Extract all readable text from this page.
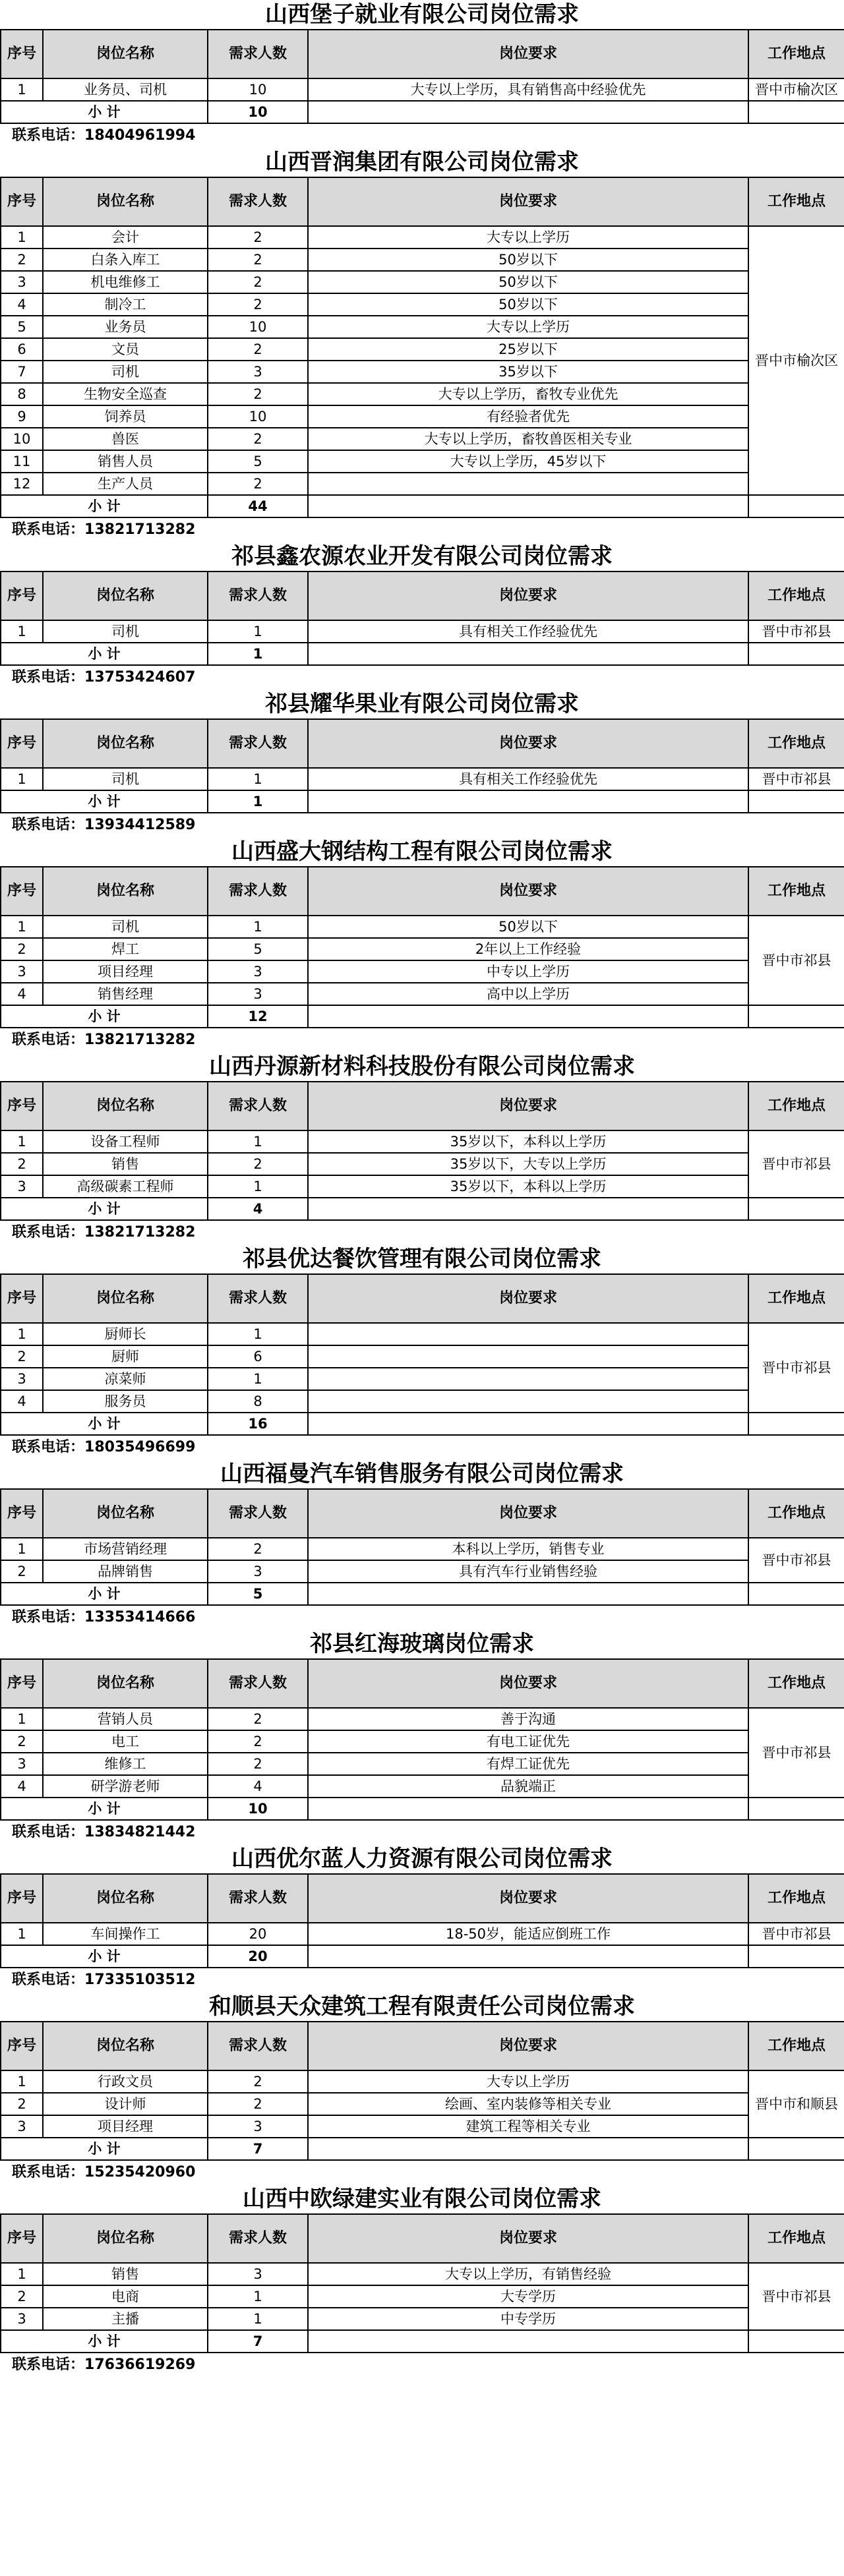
山西堡子就业有限公司岗位需求
序号	岗位名称	需求人数	岗位要求	工作地点
1	业务员、司机	10	大专以上学历，具有销售高中经验优先	晋中市榆次区
小 计		10		
联系电话：18404961994
山西晋润集团有限公司岗位需求
序号	岗位名称	需求人数	岗位要求	工作地点
1	会计	2	大专以上学历	晋中市榆次区
2	白条入库工	2	50岁以下	
3	机电维修工	2	50岁以下	
4	制冷工	2	50岁以下	
5	业务员	10	大专以上学历	
6	文员	2	25岁以下	
7	司机	3	35岁以下	
8	生物安全巡查	2	大专以上学历，畜牧专业优先	
9	饲养员	10	有经验者优先	
10	兽医	2	大专以上学历，畜牧兽医相关专业	
11	销售人员	5	大专以上学历，45岁以下	
12	生产人员	2		
小 计		44		
联系电话：13821713282
祁县鑫农源农业开发有限公司岗位需求
序号	岗位名称	需求人数	岗位要求	工作地点
1	司机	1	具有相关工作经验优先	晋中市祁县
小 计		1		
联系电话：13753424607
祁县耀华果业有限公司岗位需求
序号	岗位名称	需求人数	岗位要求	工作地点
1	司机	1	具有相关工作经验优先	晋中市祁县
小 计		1		
联系电话：13934412589
山西盛大钢结构工程有限公司岗位需求
序号	岗位名称	需求人数	岗位要求	工作地点
1	司机	1	50岁以下	晋中市祁县
2	焊工	5	2年以上工作经验	
3	项目经理	3	中专以上学历	
4	销售经理	3	高中以上学历	
小 计		12		
联系电话：13821713282
山西丹源新材料科技股份有限公司岗位需求
序号	岗位名称	需求人数	岗位要求	工作地点
1	设备工程师	1	35岁以下，本科以上学历	晋中市祁县
2	销售	2	35岁以下，大专以上学历	
3	高级碳素工程师	1	35岁以下，本科以上学历	
小 计		4		
联系电话：13821713282
祁县优达餐饮管理有限公司岗位需求
序号	岗位名称	需求人数	岗位要求	工作地点
1	厨师长	1		晋中市祁县
2	厨师	6		
3	凉菜师	1		
4	服务员	8		
小 计		16		
联系电话：18035496699
山西福曼汽车销售服务有限公司岗位需求
序号	岗位名称	需求人数	岗位要求	工作地点
1	市场营销经理	2	本科以上学历，销售专业	晋中市祁县
2	品牌销售	3	具有汽车行业销售经验	
小 计		5		
联系电话：13353414666
祁县红海玻璃岗位需求
序号	岗位名称	需求人数	岗位要求	工作地点
1	营销人员	2	善于沟通	晋中市祁县
2	电工	2	有电工证优先	
3	维修工	2	有焊工证优先	
4	研学游老师	4	品貌端正	
小 计		10		
联系电话：13834821442
山西优尔蓝人力资源有限公司岗位需求
序号	岗位名称	需求人数	岗位要求	工作地点
1	车间操作工	20	18-50岁，能适应倒班工作	晋中市祁县
小 计		20		
联系电话：17335103512
和顺县天众建筑工程有限责任公司岗位需求
序号	岗位名称	需求人数	岗位要求	工作地点
1	行政文员	2	大专以上学历	晋中市和顺县
2	设计师	2	绘画、室内装修等相关专业	
3	项目经理	3	建筑工程等相关专业	
小 计		7		
联系电话：15235420960
山西中欧绿建实业有限公司岗位需求
序号	岗位名称	需求人数	岗位要求	工作地点
1	销售	3	大专以上学历，有销售经验	晋中市祁县
2	电商	1	大专学历	
3	主播	1	中专学历	
小 计		7		
联系电话：17636619269
